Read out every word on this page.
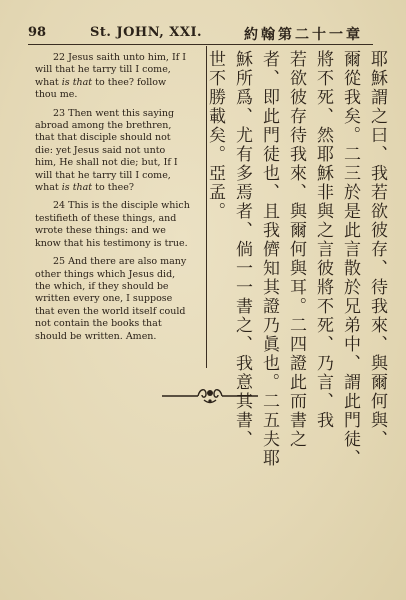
98	St. JOHN, XXI.	約翰第二十一章

22 Jesus saith unto him, If I
will that he tarry till I come,
what is that to thee? follow
thou me.

23 Then went this saying
abroad among the brethren,
that that disciple should not
die: yet Jesus said not unto
him, He shall not die; but, If I
will that he tarry till I come,
what is that to thee?

24 This is the disciple which
testifieth of these things, and
wrote these things: and we
know that his testimony is true.

25 And there are also many
other things which Jesus did,
the which, if they should be
written every one, I suppose
that even the world itself could
not contain the books that
should be written. Amen.	耶穌謂之曰、我若欲彼存、待我來、與爾何與、
爾從我矣。二三於是此言散於兄弟中、謂此門徒、
將不死、然耶穌非與之言彼將不死、乃言、我
若欲彼存待我來、與爾何與耳。二四證此而書之
者、即此門徒也、且我儕知其證乃眞也。二五夫耶
穌所爲、尤有多焉者、倘一一書之、我意其書、
世不勝載矣。亞孟。
